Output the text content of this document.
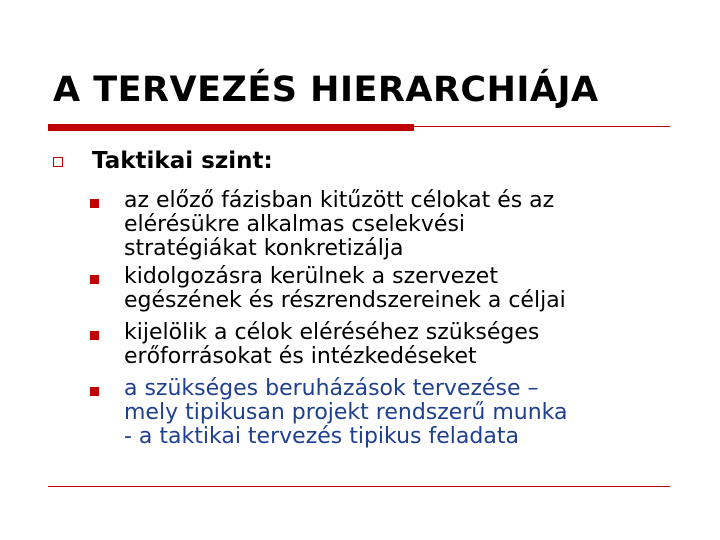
A TERVEZÉS HIERARCHIÁJA
Taktikai szint:
az előző fázisban kitűzött célokat és az
elérésükre alkalmas cselekvési
stratégiákat konkretizálja
kidolgozásra kerülnek a szervezet
egészének és részrendszereinek a céljai
kijelölik a célok eléréséhez szükséges
erőforrásokat és intézkedéseket
a szükséges beruházások tervezése –
mely tipikusan projekt rendszerű munka
- a taktikai tervezés tipikus feladata
